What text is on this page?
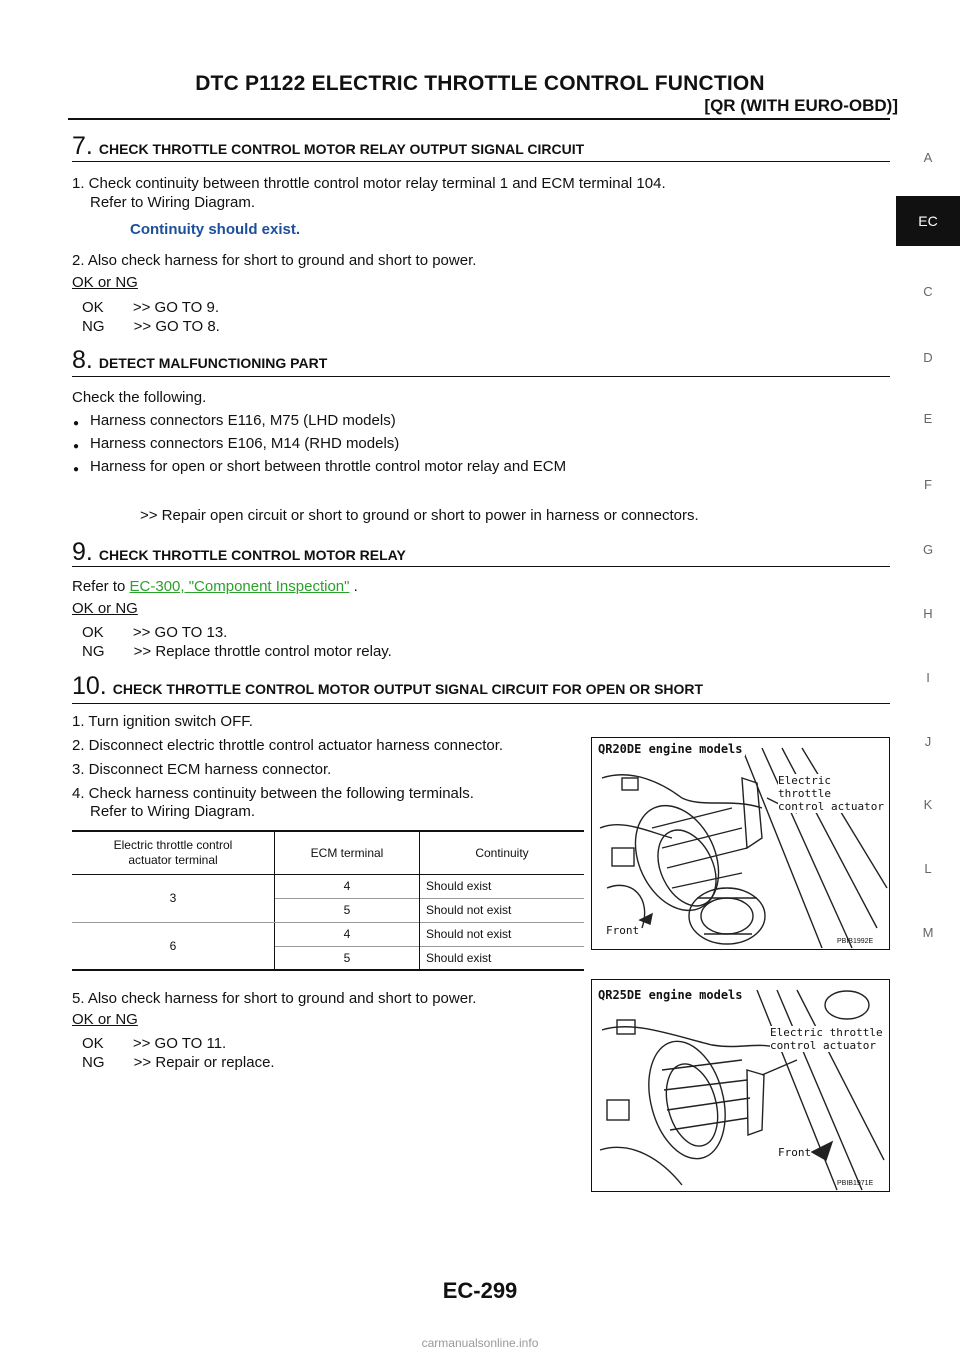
DTC P1122 ELECTRIC THROTTLE CONTROL FUNCTION
[QR (WITH EURO-OBD)]
A
EC
C
D
E
F
G
H
I
J
K
L
M
7. CHECK THROTTLE CONTROL MOTOR RELAY OUTPUT SIGNAL CIRCUIT
1. Check continuity between throttle control motor relay terminal 1 and ECM terminal 104.
Refer to Wiring Diagram.
Continuity should exist.
2. Also check harness for short to ground and short to power.
OK or NG
OK       >> GO TO 9.
NG       >> GO TO 8.
8. DETECT MALFUNCTIONING PART
Check the following.
● Harness connectors E116, M75 (LHD models)
● Harness connectors E106, M14 (RHD models)
● Harness for open or short between throttle control motor relay and ECM
>> Repair open circuit or short to ground or short to power in harness or connectors.
9. CHECK THROTTLE CONTROL MOTOR RELAY
Refer to EC-300, "Component Inspection" .
OK or NG
OK       >> GO TO 13.
NG       >> Replace throttle control motor relay.
10. CHECK THROTTLE CONTROL MOTOR OUTPUT SIGNAL CIRCUIT FOR OPEN OR SHORT
1. Turn ignition switch OFF.
2. Disconnect electric throttle control actuator harness connector.
3. Disconnect ECM harness connector.
4. Check harness continuity between the following terminals.
Refer to Wiring Diagram.
Electric throttle control
actuator terminal	ECM terminal	Continuity
3	4	Should exist
	5	Should not exist
6	4	Should not exist
	5	Should exist
5. Also check harness for short to ground and short to power.
OK or NG
OK       >> GO TO 11.
NG       >> Repair or replace.
QR20DE engine models
Electric throttle
control actuator
Front
PBIB1992E
QR25DE engine models
Electric throttle
control actuator
Front
PBIB1971E
EC-299
carmanualsonline.info
